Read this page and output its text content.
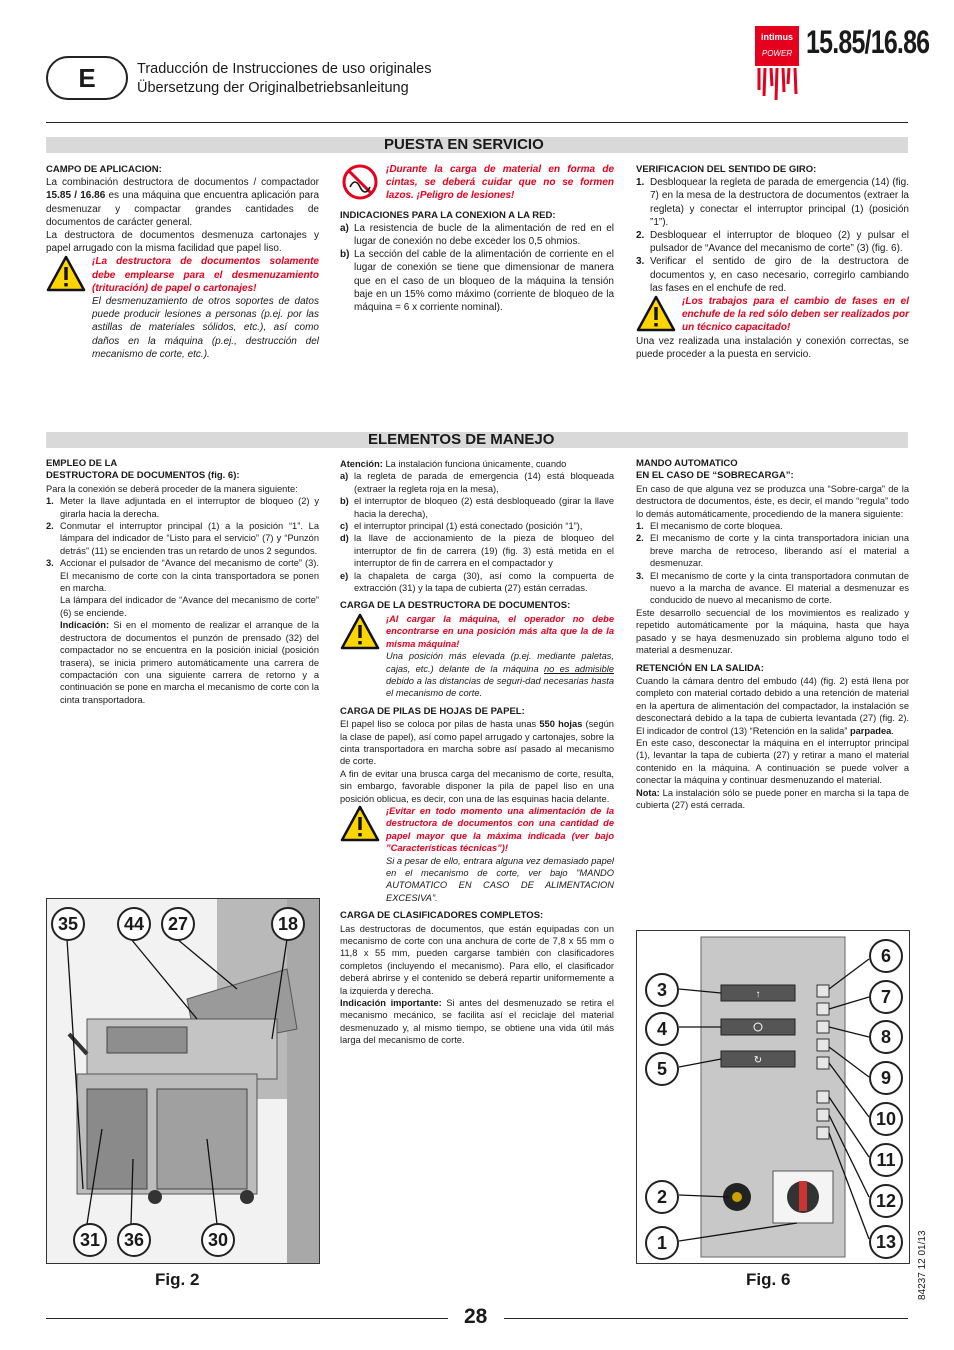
E	Traducción de Instrucciones de uso originales
Übersetzung der Originalbetriebsanleitung
intimus
POWER 15.85/16.86
PUESTA EN SERVICIO

CAMPO DE APLICACION:

La combinación destructora de documentos / compactador 15.85 / 16.86 es una máquina que encuentra aplicación para desmenuzar y compactar grandes cantidades de documentos de carácter general.

La destructora de documentos desmenuza cartonajes y papel arrugado con la misma facilidad que papel liso.

¡La destructora de documentos solamente debe emplearse para el desmenuzamiento (trituración) de papel o cartonajes!

El desmenuzamiento de otros soportes de datos puede producir lesiones a personas (p.ej. por las astillas de materiales sólidos, etc.), así como daños en la máquina (p.ej., destrucción del mecanismo de corte, etc.).

¡Durante la carga de material en forma de cintas, se deberá cuidar que no se formen lazos. ¡Peligro de lesiones!

INDICACIONES PARA LA CONEXION A LA RED:

a) La resistencia de bucle de la alimentación de red en el lugar de conexión no debe exceder los 0,5 ohmios.
b) La sección del cable de la alimentación de corriente en el lugar de conexión se tiene que dimensionar de manera que en el caso de un bloqueo de la máquina la tensión baje en un 15% como máximo (corriente de bloqueo de la máquina = 6 x corriente nominal).

VERIFICACION DEL SENTIDO DE GIRO:

1. Desbloquear la regleta de parada de emergencia (14) (fig. 7) en la mesa de la destructora de documentos (extraer la regleta) y conectar el interruptor principal (1) (posición ”1”).
2. Desbloquear el interruptor de bloqueo (2) y pulsar el pulsador de “Avance del mecanismo de corte” (3) (fig. 6).
3. Verificar el sentido de giro de la destructora de documentos y, en caso necesario, corregirlo cambiando las fases en el enchufe de red.

¡Los trabajos para el cambio de fases en el enchufe de la red sólo deben ser realizados por un técnico capacitado!

Una vez realizada una instalación y conexión correctas, se puede proceder a la puesta en servicio.

ELEMENTOS DE MANEJO

EMPLEO DE LA

DESTRUCTORA DE DOCUMENTOS (fig. 6):

Para la conexión se deberá proceder de la manera siguiente:

1. Meter la llave adjuntada en el interruptor de bloqueo (2) y girarla hacia la derecha.
2. Conmutar el interruptor principal (1) a la posición “1”. La lámpara del indicador de “Listo para el servicio” (7) y “Punzón detrás” (11) se encienden tras un retardo de unos 2 segundos.
3. Accionar el pulsador de “Avance del mecanismo de corte” (3). El mecanismo de corte con la cinta transportadora se ponen en marcha.

La lámpara del indicador de “Avance del mecanismo de corte” (6) se enciende.

Indicación: Si en el momento de realizar el arranque de la destructora de documentos el punzón de prensado (32) del compactador no se encuentra en la posición inicial (posición trasera), se inicia primero automáticamente una carrera de compactación con una siguiente carrera de retorno y a continuación se pone en marcha el mecanismo de corte con la cinta transportadora.

Atención: La instalación funciona únicamente, cuando

a) la regleta de parada de emergencia (14) está bloqueada (extraer la regleta roja en la mesa),
b) el interruptor de bloqueo (2) está desbloqueado (girar la llave hacia la derecha),
c) el interruptor principal (1) está conectado (posición “1”),
d) la llave de accionamiento de la pieza de bloqueo del interruptor de fin de carrera (19) (fig. 3) está metida en el interruptor de fin de carrera en el compactador y
e) la chapaleta de carga (30), así como la compuerta de extracción (31) y la tapa de cubierta (27) están cerradas.

CARGA DE LA DESTRUCTORA DE DOCUMENTOS:

¡Al cargar la máquina, el operador no debe encontrarse en una posición más alta que la de la misma máquina!

Una posición más elevada (p.ej. mediante paletas, cajas, etc.) delante de la máquina no es admisible debido a las distancias de seguri-dad necesarias hasta el mecanismo de corte.

CARGA DE PILAS DE HOJAS DE PAPEL:

El papel liso se coloca por pilas de hasta unas 550 hojas (según la clase de papel), así como papel arrugado y cartonajes, sobre la cinta transportadora en marcha sobre así pasado al mecanismo de corte.

A fin de evitar una brusca carga del mecanismo de corte, resulta, sin embargo, favorable disponer la pila de papel liso en una posición oblicua, es decir, con una de las esquinas hacia delante.

¡Evitar en todo momento una alimentación de la destructora de documentos con una cantidad de papel mayor que la máxima indicada (ver bajo ”Características técnicas”)!

Si a pesar de ello, entrara alguna vez demasiado papel en el mecanismo de corte, ver bajo ”MANDO AUTOMATICO EN CASO DE ALIMENTACION EXCESIVA”.

CARGA DE CLASIFICADORES COMPLETOS:

Las destructoras de documentos, que están equipadas con un mecanismo de corte con una anchura de corte de 7,8 x 55 mm o 11,8 x 55 mm, pueden cargarse también con clasificadores completos (incluyendo el mecanismo). Para ello, el clasificador deberá abrirse y el contenido se deberá repartir uniformemente a la izquierda y derecha.

Indicación importante: Si antes del desmenuzado se retira el mecanismo mecánico, se facilita así el reciclaje del material desmenuzado y, al mismo tiempo, se obtiene una vida útil más larga del mecanismo de corte.

MANDO AUTOMATICO

EN EL CASO DE “SOBRECARGA”:

En caso de que alguna vez se produzca una “Sobre-carga” de la destructora de documentos, éste, es decir, el mando “regula” todo lo demás automáticamente, procediendo de la manera siguiente:

1. El mecanismo de corte bloquea.
2. El mecanismo de corte y la cinta transportadora inician una breve marcha de retroceso, liberando así el material a desmenuzar.
3. El mecanismo de corte y la cinta transportadora conmutan de nuevo a la marcha de avance. El material a desmenuzar es conducido de nuevo al mecanismo de corte.

Este desarrollo secuencial de los movimientos es realizado y repetido automáticamente por la máquina, hasta que haya pasado y se haya desmenuzado sin problema alguno todo el material a desmenuzar.

RETENCIÓN EN LA SALIDA:

Cuando la cámara dentro del embudo (44) (fig. 2) está llena por completo con material cortado debido a una retención de material en la apertura de alimentación del compactador, la instalación se desconectará debido a la tapa de cubierta levantada (27) (fig. 2). El indicador de control (13) “Retención en la salida” parpadea.

En este caso, desconectar la máquina en el interruptor principal (1), levantar la tapa de cubierta (27) y retirar a mano el material contenido en la máquina. A continuación se puede volver a conectar la máquina y continuar desmenuzando el material.

Nota: La instalación sólo se puede poner en marcha si la tapa de cubierta (27) está cerrada.

35	44	27	18
31	36	30
Fig. 2
↑
↻
3
4
5
2
1
6
7
8
9
10
11
12
13
Fig. 6	84237 12 01/13
28
